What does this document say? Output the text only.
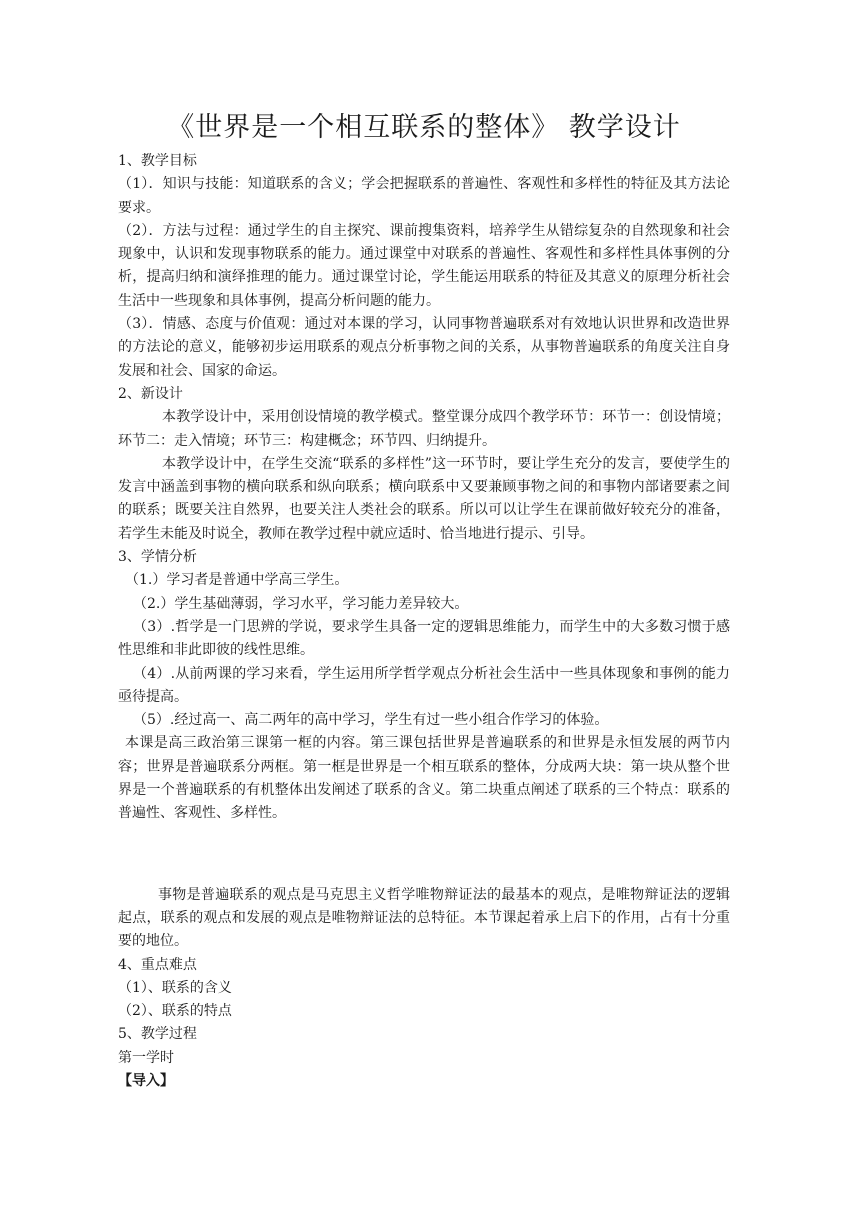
《世界是一个相互联系的整体》 教学设计

1、教学目标

（1）．知识与技能：知道联系的含义；学会把握联系的普遍性、客观性和多样性的特征及其方法论要求。

（2）．方法与过程：通过学生的自主探究、课前搜集资料，培养学生从错综复杂的自然现象和社会现象中，认识和发现事物联系的能力。通过课堂中对联系的普遍性、客观性和多样性具体事例的分析，提高归纳和演绎推理的能力。通过课堂讨论，学生能运用联系的特征及其意义的原理分析社会生活中一些现象和具体事例，提高分析问题的能力。

（3）．情感、态度与价值观：通过对本课的学习，认同事物普遍联系对有效地认识世界和改造世界的方法论的意义，能够初步运用联系的观点分析事物之间的关系，从事物普遍联系的角度关注自身发展和社会、国家的命运。

2、新设计

本教学设计中，采用创设情境的教学模式。整堂课分成四个教学环节：环节一：创设情境；环节二：走入情境；环节三：构建概念；环节四、归纳提升。

本教学设计中，在学生交流“联系的多样性”这一环节时，要让学生充分的发言，要使学生的发言中涵盖到事物的横向联系和纵向联系；横向联系中又要兼顾事物之间的和事物内部诸要素之间的联系；既要关注自然界，也要关注人类社会的联系。所以可以让学生在课前做好较充分的准备，若学生未能及时说全，教师在教学过程中就应适时、恰当地进行提示、引导。

3、学情分析

（1.）学习者是普通中学高三学生。

（2.）学生基础薄弱，学习水平，学习能力差异较大。

（3）.哲学是一门思辨的学说，要求学生具备一定的逻辑思维能力，而学生中的大多数习惯于感性思维和非此即彼的线性思维。

（4）.从前两课的学习来看，学生运用所学哲学观点分析社会生活中一些具体现象和事例的能力亟待提高。

（5）.经过高一、高二两年的高中学习，学生有过一些小组合作学习的体验。

本课是高三政治第三课第一框的内容。第三课包括世界是普遍联系的和世界是永恒发展的两节内容；世界是普遍联系分两框。第一框是世界是一个相互联系的整体，分成两大块：第一块从整个世界是一个普遍联系的有机整体出发阐述了联系的含义。第二块重点阐述了联系的三个特点：联系的普遍性、客观性、多样性。

事物是普遍联系的观点是马克思主义哲学唯物辩证法的最基本的观点，是唯物辩证法的逻辑起点，联系的观点和发展的观点是唯物辩证法的总特征。本节课起着承上启下的作用，占有十分重要的地位。

4、重点难点

（1）、联系的含义

（2）、联系的特点

5、教学过程

第一学时

【导入】
